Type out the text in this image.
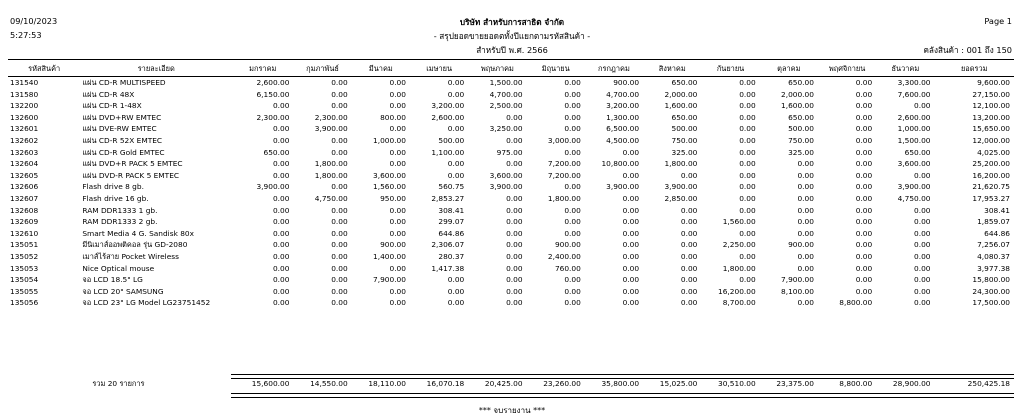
09/10/2023
5:27:53
บริษัท สำหรับการสาธิต จำกัด
- สรุปยอดขายยอดตทั้งปีแยกตามรหัสสินค้า -
สำหรับปี พ.ศ. 2566
Page 1
คลังสินค้า : 001 ถึง 150
รหัสสินค้า	รายละเอียด	มกราคม	กุมภาพันธ์	มีนาคม	เมษายน	พฤษภาคม	มิถุนายน	กรกฎาคม	สิงหาคม	กันยายน	ตุลาคม	พฤศจิกายน	ธันวาคม	ยอดรวม
131540	แผ่น CD-R MULTISPEED	2,600.00	0.00	0.00	0.00	1,500.00	0.00	900.00	650.00	0.00	650.00	0.00	3,300.00	9,600.00
131580	แผ่น CD-R 48X	6,150.00	0.00	0.00	0.00	4,700.00	0.00	4,700.00	2,000.00	0.00	2,000.00	0.00	7,600.00	27,150.00
132200	แผ่น CD-R 1-48X	0.00	0.00	0.00	3,200.00	2,500.00	0.00	3,200.00	1,600.00	0.00	1,600.00	0.00	0.00	12,100.00
132600	แผ่น DVD+RW EMTEC	2,300.00	2,300.00	800.00	2,600.00	0.00	0.00	1,300.00	650.00	0.00	650.00	0.00	2,600.00	13,200.00
132601	แผ่น DVE-RW EMTEC	0.00	3,900.00	0.00	0.00	3,250.00	0.00	6,500.00	500.00	0.00	500.00	0.00	1,000.00	15,650.00
132602	แผ่น CD-R 52X EMTEC	0.00	0.00	1,000.00	500.00	0.00	3,000.00	4,500.00	750.00	0.00	750.00	0.00	1,500.00	12,000.00
132603	แผ่น CD-R Gold EMTEC	650.00	0.00	0.00	1,100.00	975.00	0.00	0.00	325.00	0.00	325.00	0.00	650.00	4,025.00
132604	แผ่น DVD+R PACK 5 EMTEC	0.00	1,800.00	0.00	0.00	0.00	7,200.00	10,800.00	1,800.00	0.00	0.00	0.00	3,600.00	25,200.00
132605	แผ่น DVD-R PACK 5 EMTEC	0.00	1,800.00	3,600.00	0.00	3,600.00	7,200.00	0.00	0.00	0.00	0.00	0.00	0.00	16,200.00
132606	Flash drive 8 gb.	3,900.00	0.00	1,560.00	560.75	3,900.00	0.00	3,900.00	3,900.00	0.00	0.00	0.00	3,900.00	21,620.75
132607	Flash drive 16 gb.	0.00	4,750.00	950.00	2,853.27	0.00	1,800.00	0.00	2,850.00	0.00	0.00	0.00	4,750.00	17,953.27
132608	RAM DDR1333 1 gb.	0.00	0.00	0.00	308.41	0.00	0.00	0.00	0.00	0.00	0.00	0.00	0.00	308.41
132609	RAM DDR1333 2 gb.	0.00	0.00	0.00	299.07	0.00	0.00	0.00	0.00	1,560.00	0.00	0.00	0.00	1,859.07
132610	Smart Media 4 G. Sandisk 80x	0.00	0.00	0.00	644.86	0.00	0.00	0.00	0.00	0.00	0.00	0.00	0.00	644.86
135051	มีนิเมาส์ออพติคอล รุ่น GD-2080	0.00	0.00	900.00	2,306.07	0.00	900.00	0.00	0.00	2,250.00	900.00	0.00	0.00	7,256.07
135052	เมาส์ไร้สาย Pocket Wireless	0.00	0.00	1,400.00	280.37	0.00	2,400.00	0.00	0.00	0.00	0.00	0.00	0.00	4,080.37
135053	Nice Optical mouse	0.00	0.00	0.00	1,417.38	0.00	760.00	0.00	0.00	1,800.00	0.00	0.00	0.00	3,977.38
135054	จอ LCD 18.5" LG	0.00	0.00	7,900.00	0.00	0.00	0.00	0.00	0.00	0.00	7,900.00	0.00	0.00	15,800.00
135055	จอ LCD 20" SAMSUNG	0.00	0.00	0.00	0.00	0.00	0.00	0.00	0.00	16,200.00	8,100.00	0.00	0.00	24,300.00
135056	จอ LCD 23" LG Model LG23751452	0.00	0.00	0.00	0.00	0.00	0.00	0.00	0.00	8,700.00	0.00	8,800.00	0.00	17,500.00
	รวม 20 รายการ	15,600.00	14,550.00	18,110.00	16,070.18	20,425.00	23,260.00	35,800.00	15,025.00	30,510.00	23,375.00	8,800.00	28,900.00	250,425.18
*** จบรายงาน ***
